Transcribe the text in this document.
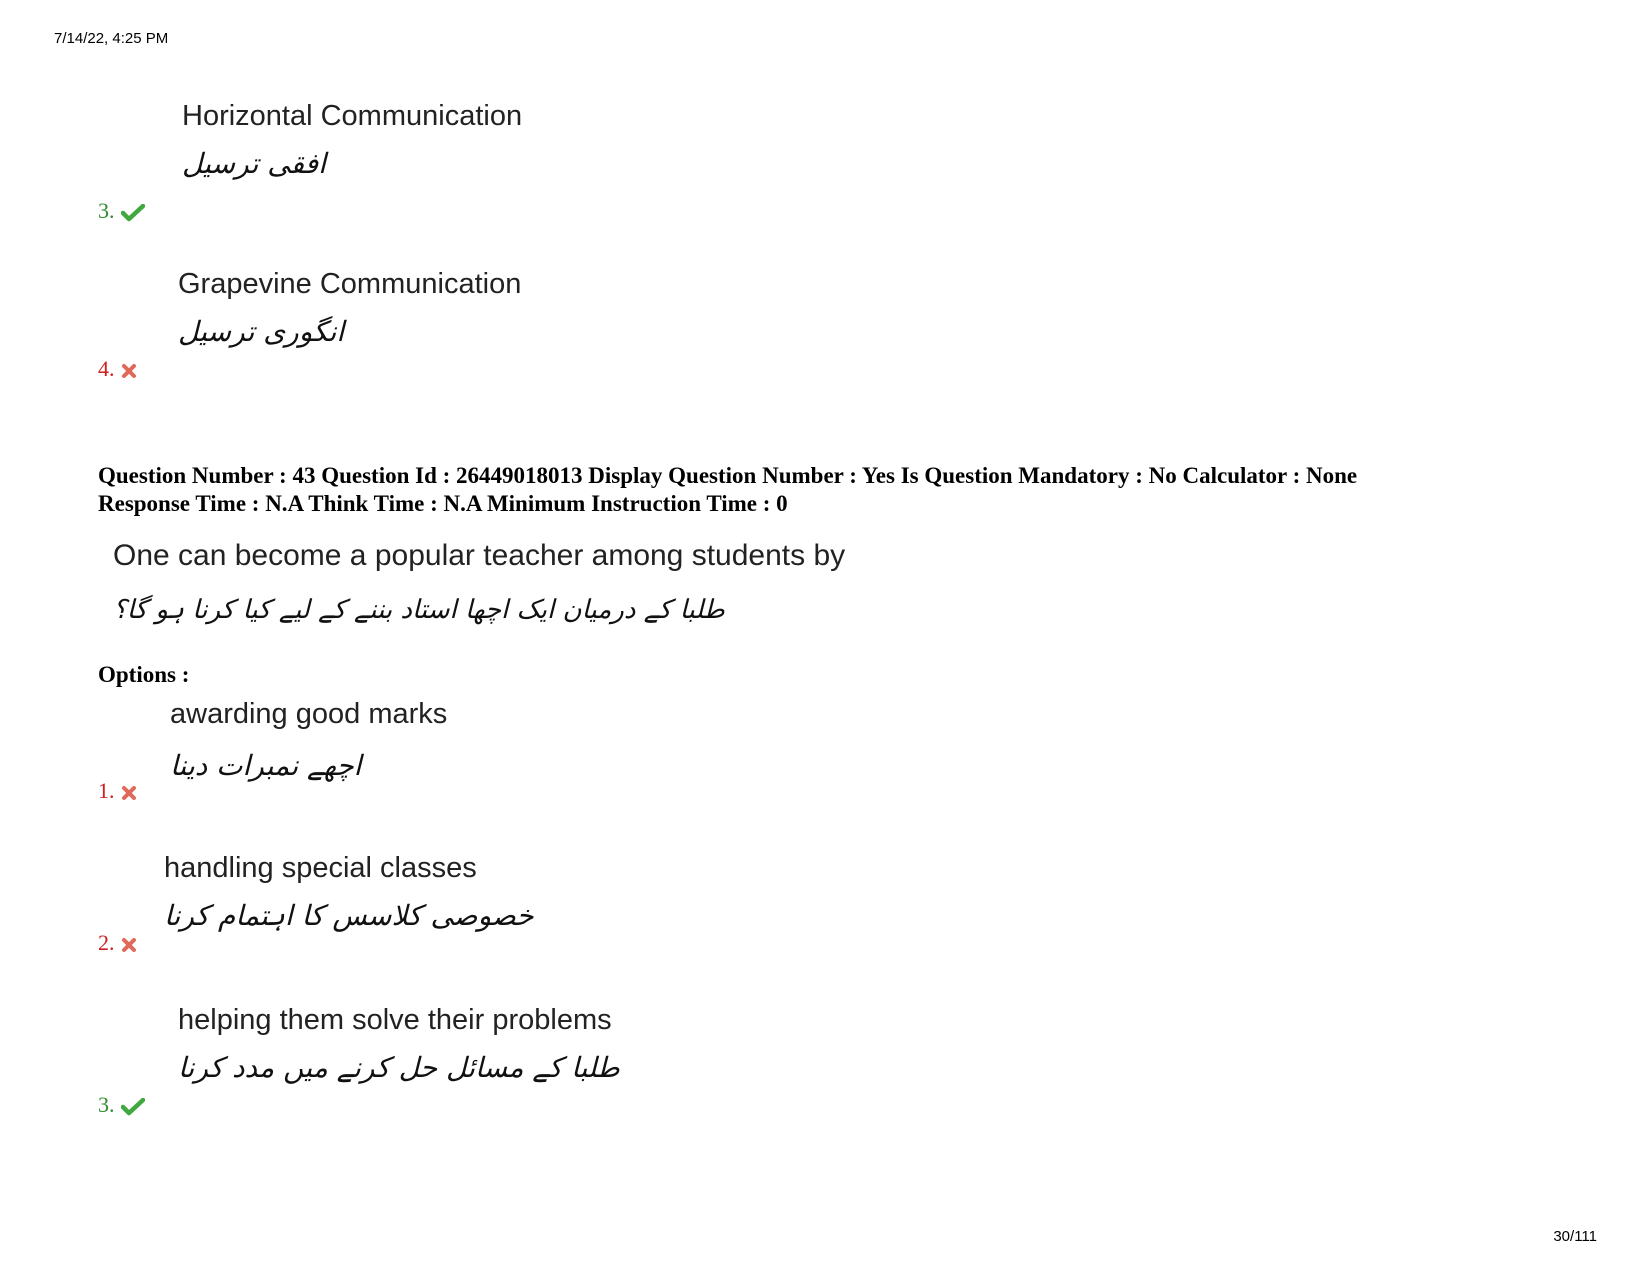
7/14/22, 4:25 PM
Horizontal Communication
افقی ترسیل
3.
Grapevine Communication
انگوری ترسیل
4.
Question Number : 43 Question Id : 26449018013 Display Question Number : Yes Is Question Mandatory : No Calculator : None
Response Time : N.A Think Time : N.A Minimum Instruction Time : 0
One can become a popular teacher among students by
طلبا کے درمیان ایک اچھا استاد بننے کے لیے کیا کرنا ہو گا؟
Options :
awarding good marks
اچھے نمبرات دینا
1.
handling special classes
خصوصی کلاسس کا اہتمام کرنا
2.
helping them solve their problems
طلبا کے مسائل حل کرنے میں مدد کرنا
3.
30/111
